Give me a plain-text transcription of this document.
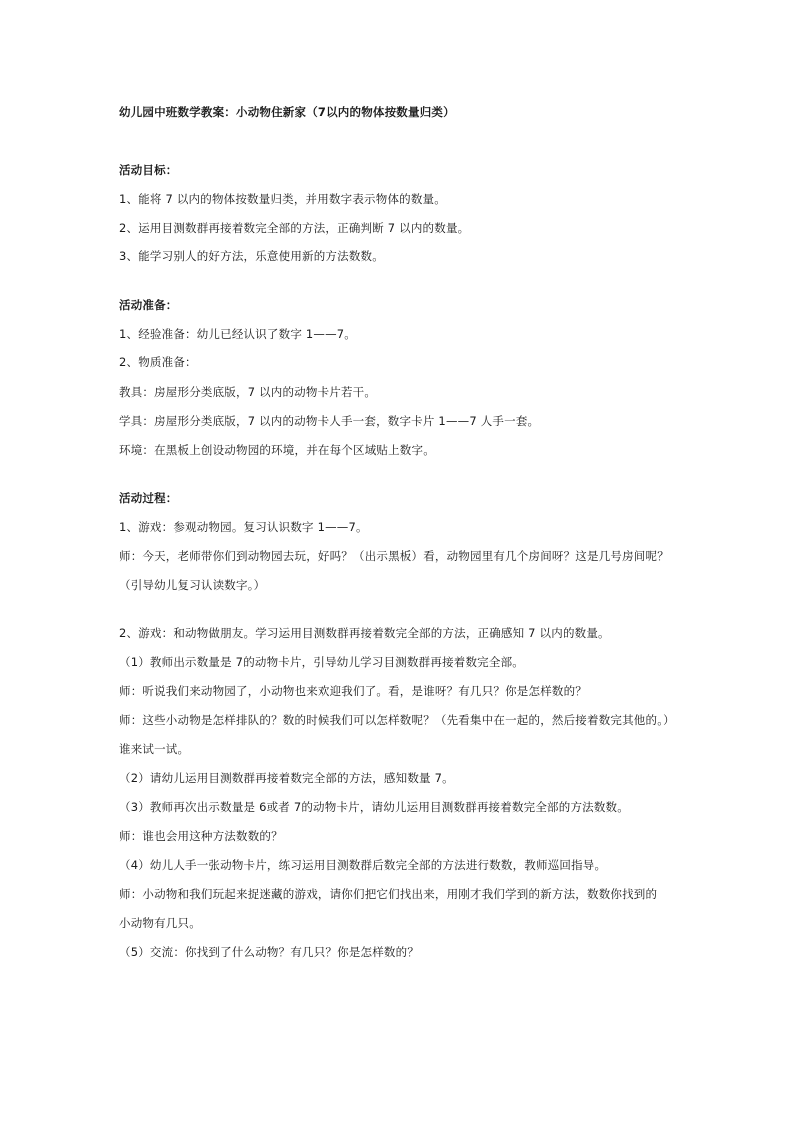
幼儿园中班数学教案：小动物住新家（7以内的物体按数量归类）
活动目标：
1、能将 7 以内的物体按数量归类，并用数字表示物体的数量。
2、运用目测数群再接着数完全部的方法，正确判断 7 以内的数量。
3、能学习别人的好方法，乐意使用新的方法数数。
活动准备：
1、经验准备：幼儿已经认识了数字 1——7。
2、物质准备：
教具：房屋形分类底版，7 以内的动物卡片若干。
学具：房屋形分类底版，7 以内的动物卡人手一套，数字卡片 1——7 人手一套。
环境：在黑板上创设动物园的环境，并在每个区域贴上数字。
活动过程：
1、游戏：参观动物园。复习认识数字 1——7。
师：今天，老师带你们到动物园去玩，好吗？（出示黑板）看，动物园里有几个房间呀？这是几号房间呢？
（引导幼儿复习认读数字。）
2、游戏：和动物做朋友。学习运用目测数群再接着数完全部的方法，正确感知 7 以内的数量。
（1）教师出示数量是 7的动物卡片，引导幼儿学习目测数群再接着数完全部。
师：听说我们来动物园了，小动物也来欢迎我们了。看，是谁呀？有几只？你是怎样数的？
师：这些小动物是怎样排队的？数的时候我们可以怎样数呢？（先看集中在一起的，然后接着数完其他的。）
谁来试一试。
（2）请幼儿运用目测数群再接着数完全部的方法，感知数量 7。
（3）教师再次出示数量是 6或者 7的动物卡片，请幼儿运用目测数群再接着数完全部的方法数数。
师：谁也会用这种方法数数的？
（4）幼儿人手一张动物卡片，练习运用目测数群后数完全部的方法进行数数，教师巡回指导。
师：小动物和我们玩起来捉迷藏的游戏，请你们把它们找出来，用刚才我们学到的新方法，数数你找到的
小动物有几只。
（5）交流：你找到了什么动物？有几只？你是怎样数的？
